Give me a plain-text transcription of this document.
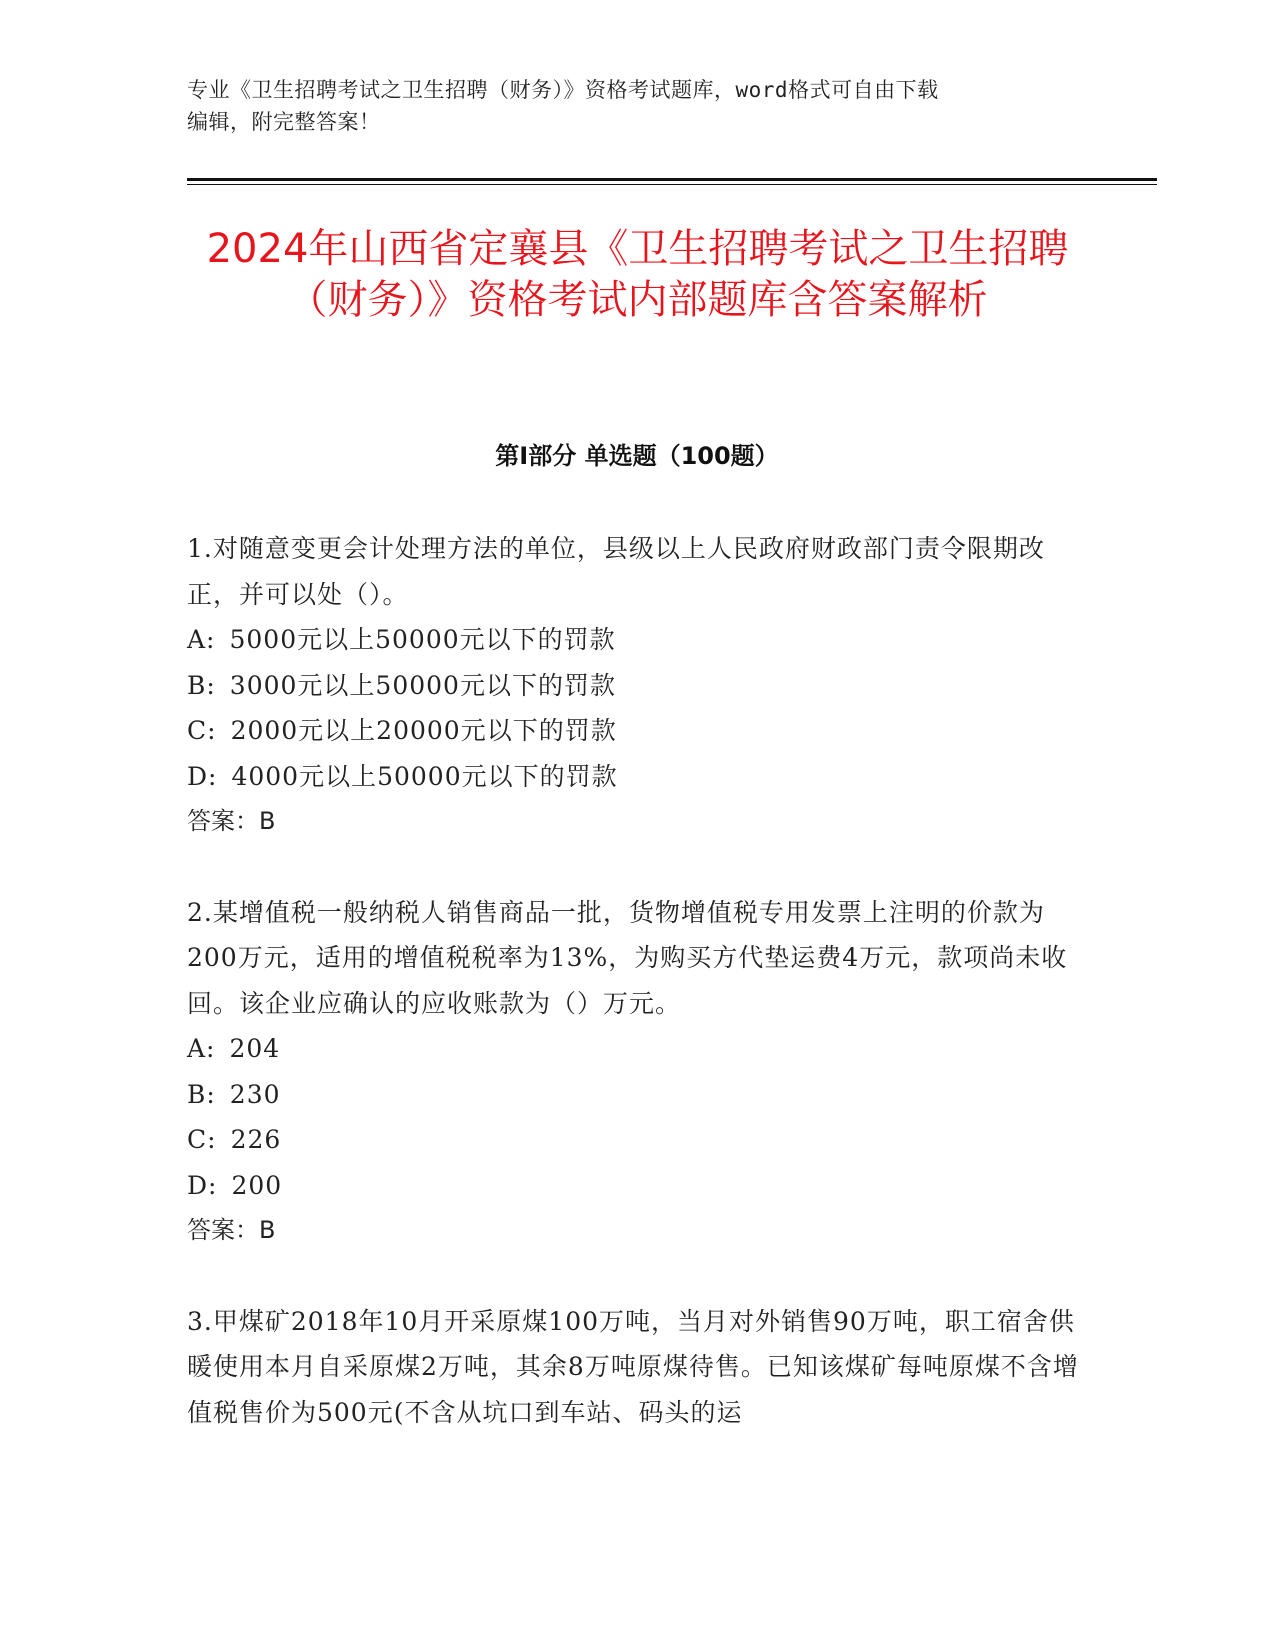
专业《卫生招聘考试之卫生招聘（财务）》资格考试题库，word格式可自由下载
编辑，附完整答案！
2024年山西省定襄县《卫生招聘考试之卫生招聘（财务）》资格考试内部题库含答案解析
第Ⅰ部分 单选题（100题）

1.对随意变更会计处理方法的单位，县级以上人民政府财政部门责令限期改正，并可以处（）。

A: 5000元以上50000元以下的罚款

B: 3000元以上50000元以下的罚款

C: 2000元以上20000元以下的罚款

D: 4000元以上50000元以下的罚款

答案：B

2.某增值税一般纳税人销售商品一批，货物增值税专用发票上注明的价款为200万元，适用的增值税税率为13%，为购买方代垫运费4万元，款项尚未收回。该企业应确认的应收账款为（）万元。

A: 204

B: 230

C: 226

D: 200

答案：B

3.甲煤矿2018年10月开采原煤100万吨，当月对外销售90万吨，职工宿舍供暖使用本月自采原煤2万吨，其余8万吨原煤待售。已知该煤矿每吨原煤不含增值税售价为500元(不含从坑口到车站、码头的运
